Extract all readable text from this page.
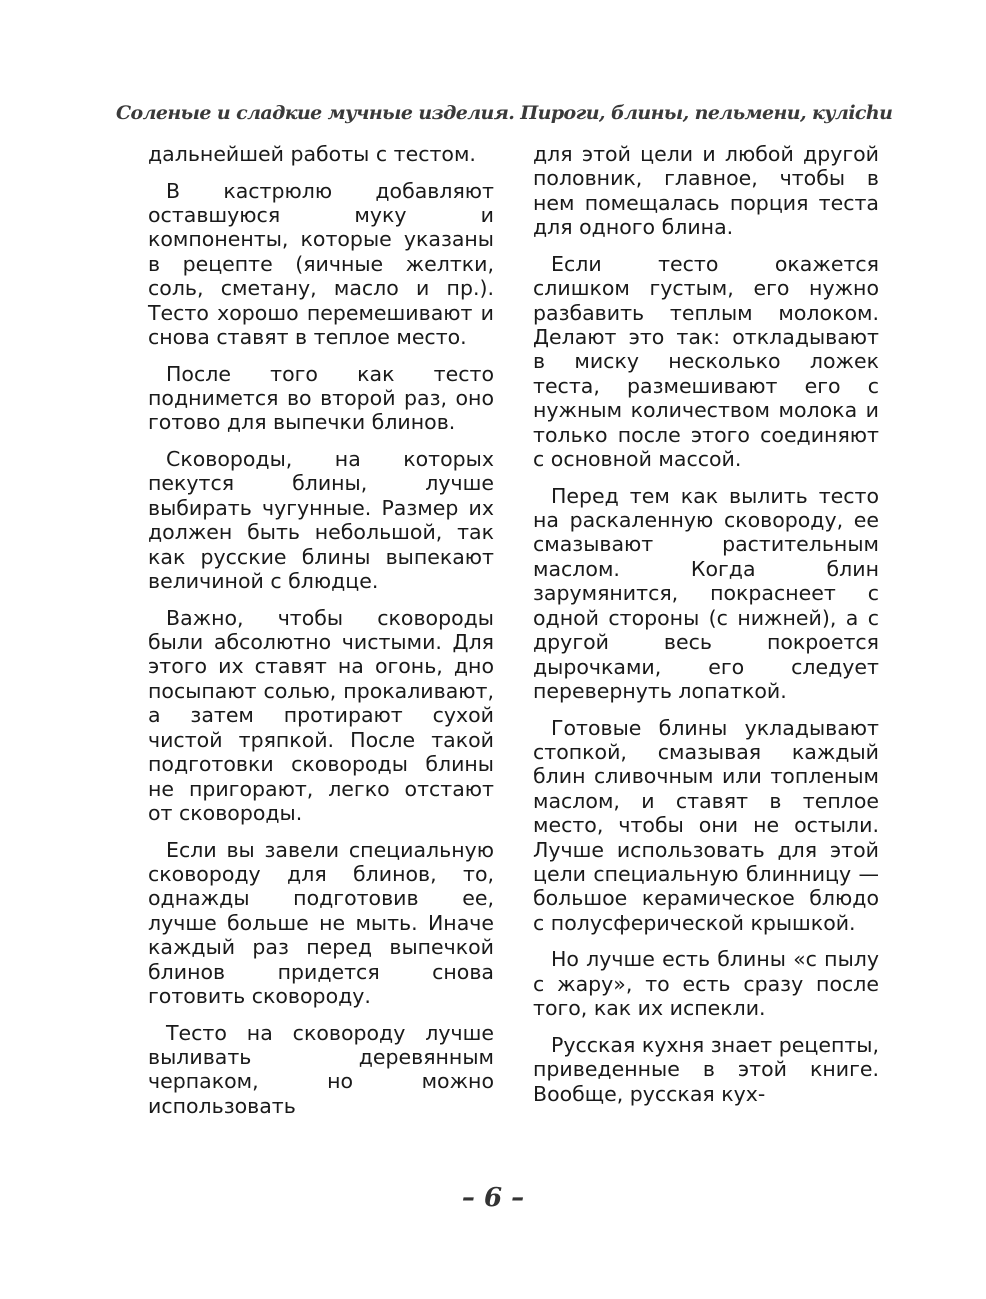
Соленые и сладкие мучные изделия. Пироги, блины, пельмени, кулichи

дальнейшей работы с тестом.

В кастрюлю добавляют оставшуюся муку и компоненты, которые указаны в рецепте (яичные желтки, соль, сметану, масло и пр.). Тесто хорошо перемешивают и снова ставят в теплое место.

После того как тесто поднимется во второй раз, оно готово для выпечки блинов.

Сковороды, на которых пекутся блины, лучше выбирать чугунные. Размер их должен быть небольшой, так как русские блины выпекают величиной с блюдце.

Важно, чтобы сковороды были абсолютно чистыми. Для этого их ставят на огонь, дно посыпают солью, прокаливают, а затем протирают сухой чистой тряпкой. После такой подготовки сковороды блины не пригорают, легко отстают от сковороды.

Если вы завели специальную сковороду для блинов, то, однажды подготовив ее, лучше больше не мыть. Иначе каждый раз перед выпечкой блинов придется снова готовить сковороду.

Тесто на сковороду лучше выливать деревянным черпаком, но можно использовать

для этой цели и любой другой половник, главное, чтобы в нем помещалась порция теста для одного блина.

Если тесто окажется слишком густым, его нужно разбавить теплым молоком. Делают это так: откладывают в миску несколько ложек теста, размешивают его с нужным количеством молока и только после этого соединяют с основной массой.

Перед тем как вылить тесто на раскаленную сковороду, ее смазывают растительным маслом. Когда блин зарумянится, покраснеет с одной стороны (с нижней), а с другой весь покроется дырочками, его следует перевернуть лопаткой.

Готовые блины укладывают стопкой, смазывая каждый блин сливочным или топленым маслом, и ставят в теплое место, чтобы они не остыли. Лучше использовать для этой цели специальную блинницу — большое керамическое блюдо с полусферической крышкой.

Но лучше есть блины «с пылу с жару», то есть сразу после того, как их испекли.

Русская кухня знает рецепты, приведенные в этой книге. Вообще, русская кух-

– 6 –
